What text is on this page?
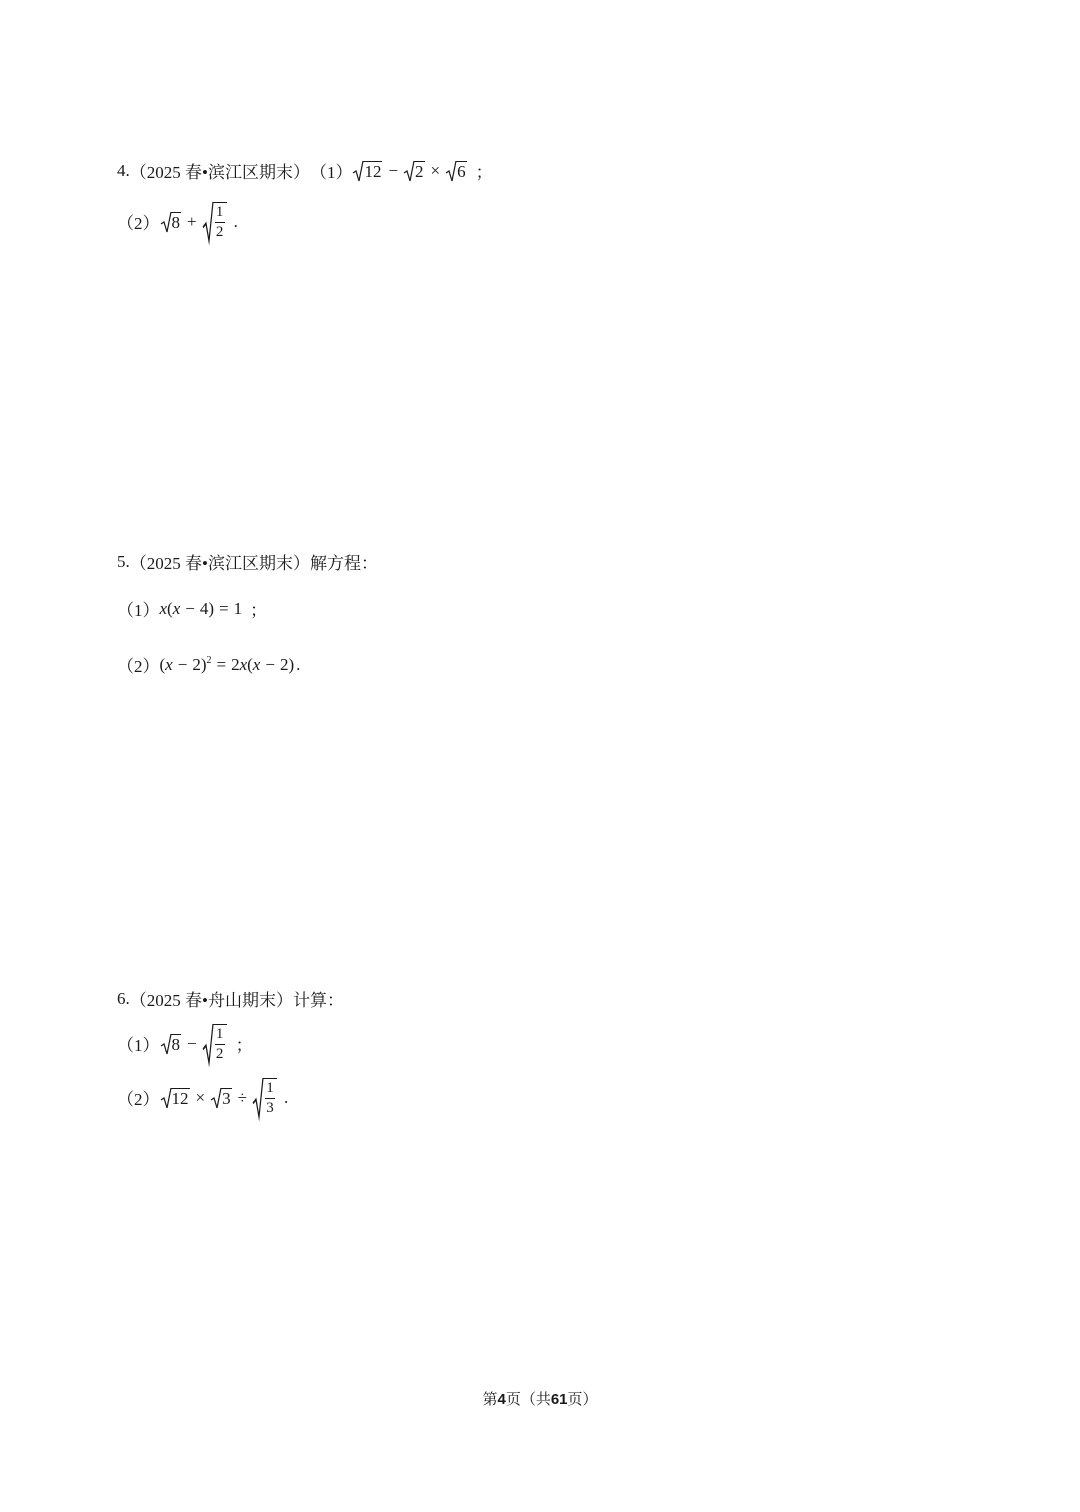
4. （2025 春•滨江区期末） （1） 12 − 2 × 6 ；
（2） $8 + \frac{1}{2}$ .
5. （2025 春•滨江区期末） 解方程：
（1） x ( x − 4 ) = 1 ；
（2） ( x − 2 )$^2$ = 2 x ( x − 2 ) .
6. （2025 春•舟山期末） 计算：
（1） $8 - \frac{1}{2}$ ；
（2） $12 \times 3 \div \frac{1}{3}$ .
第4页（共61页）
